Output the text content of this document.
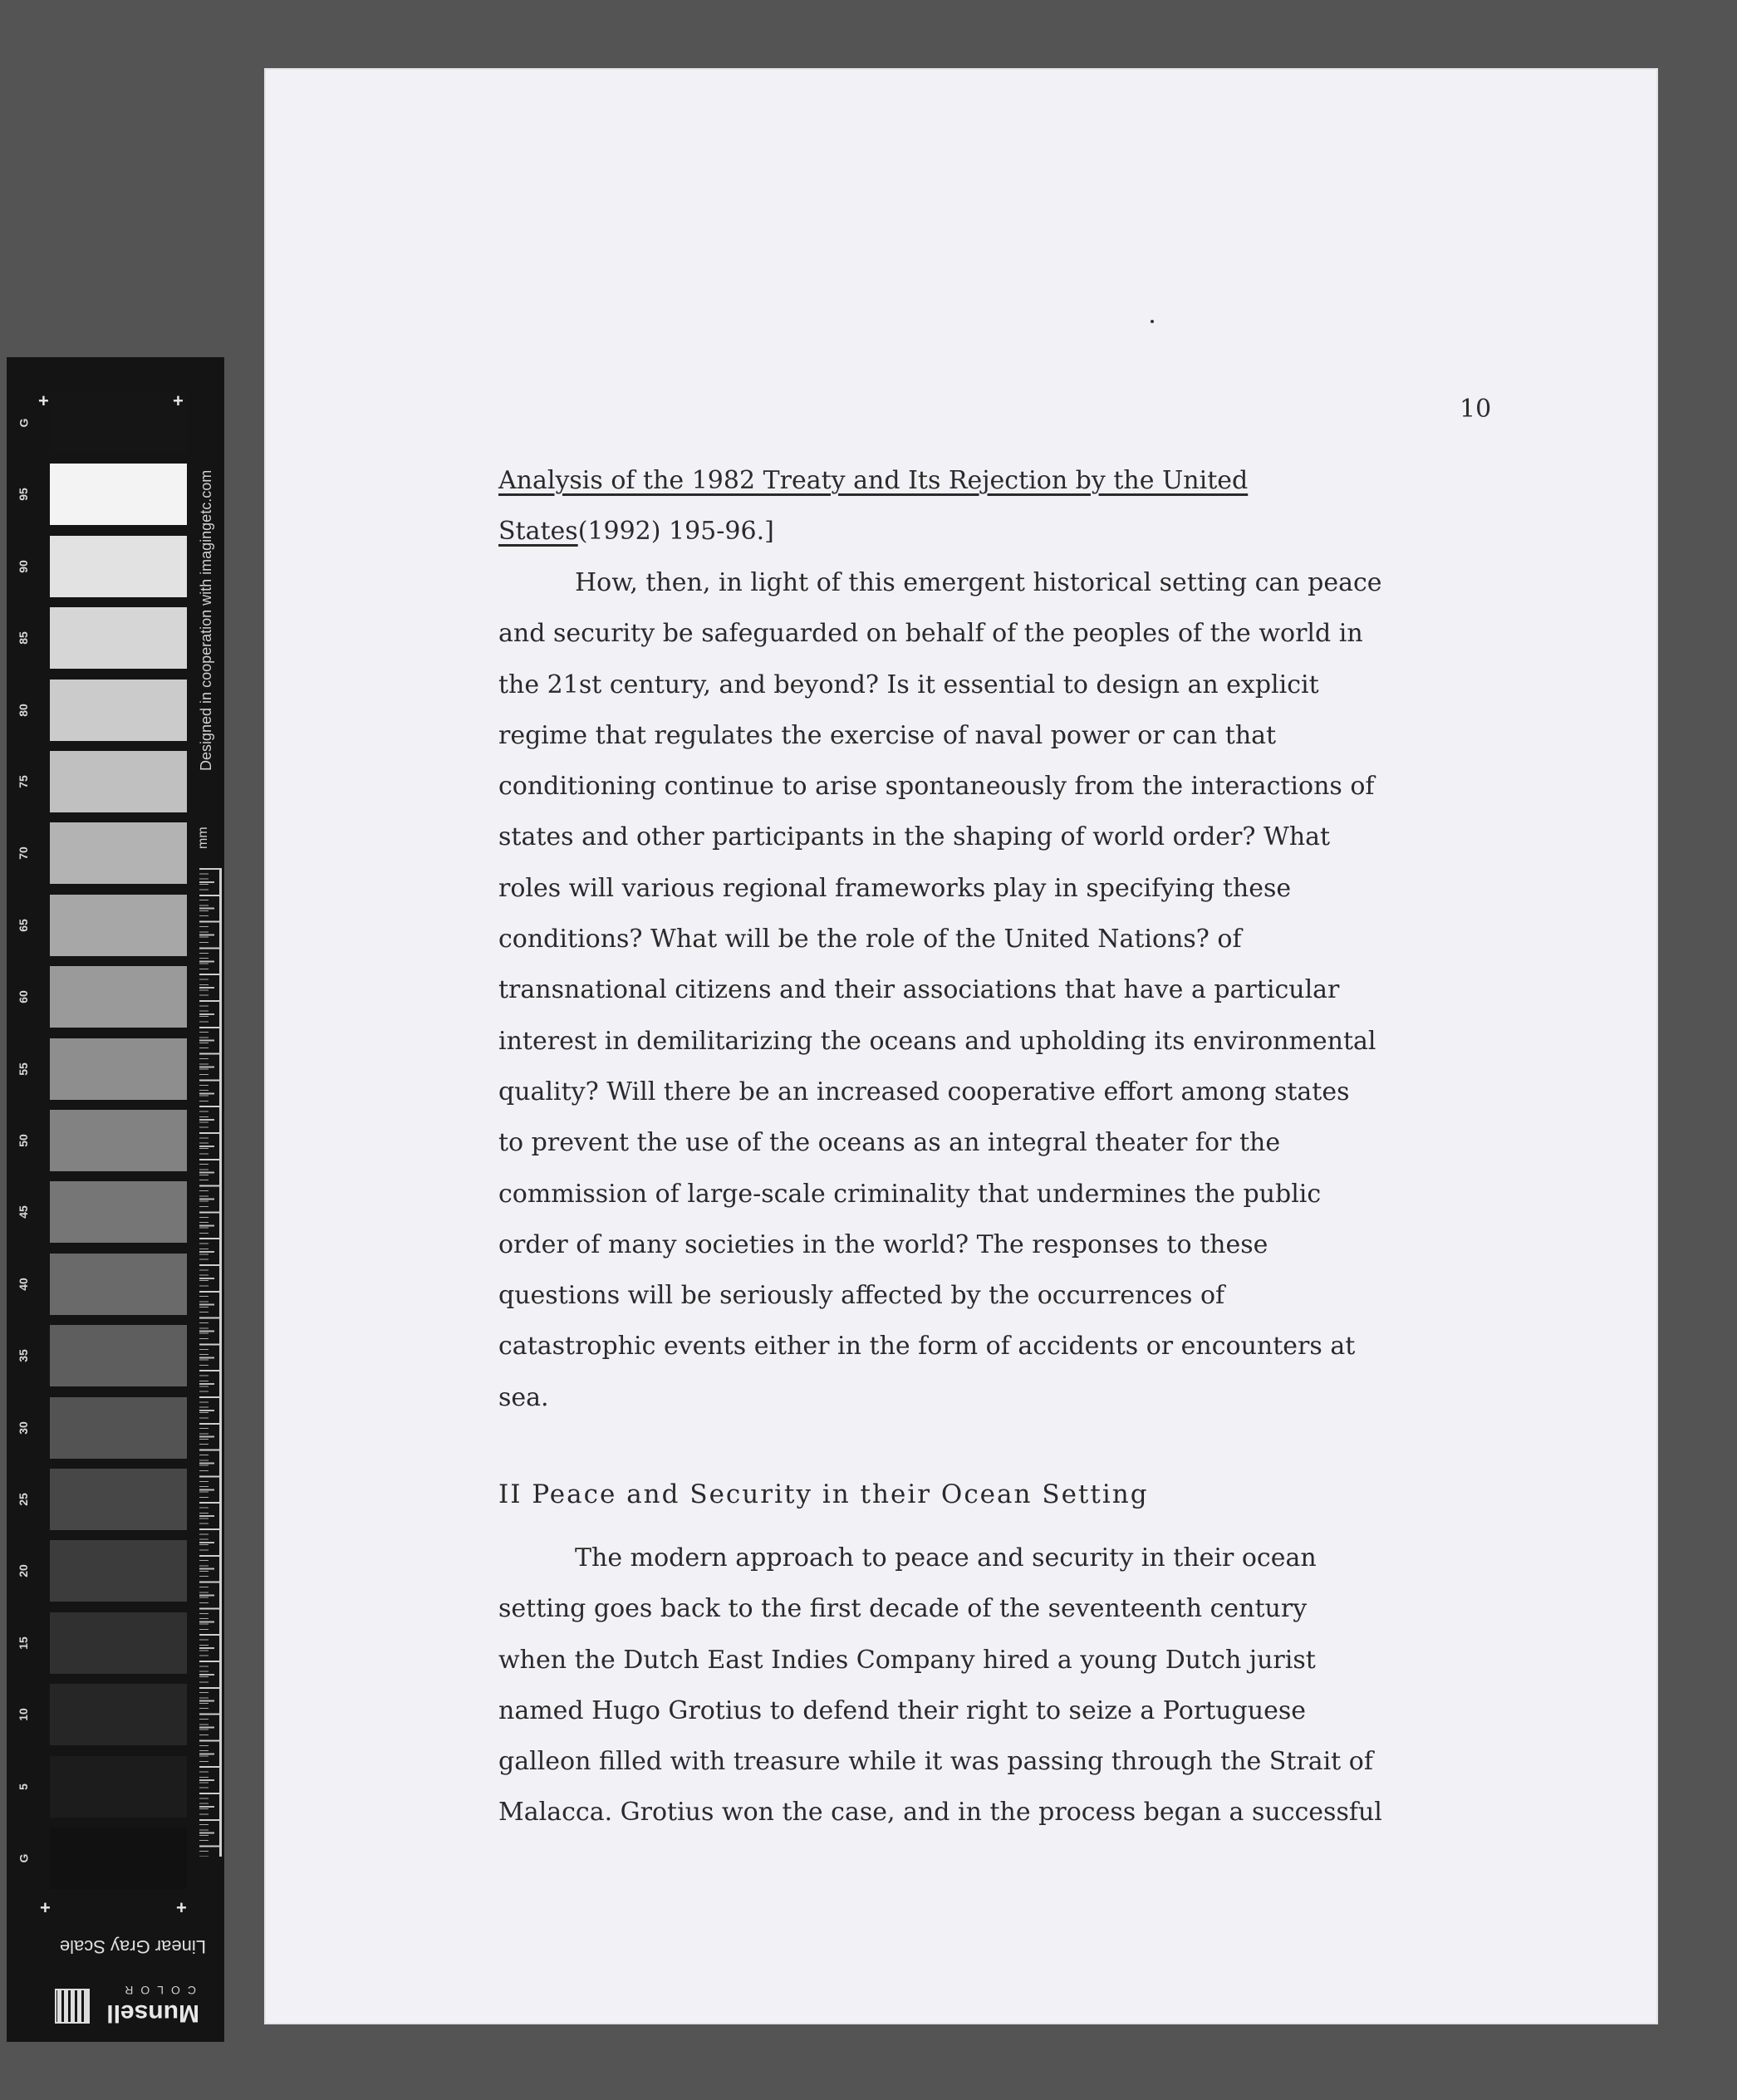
G
95
90
85
80
75
70
65
60
55
50
45
40
35
30
25
20
15
10
5
G
Designed in cooperation with imagingetc.com
mm
Linear Gray Scale
Munsell
COLOR
+	+
+	+
10
Analysis of the 1982 Treaty and Its Rejection by the United
States(1992) 195-96.]
How, then, in light of this emergent historical setting can peace
and security be safeguarded on behalf of the peoples of the world in
the 21st century, and beyond? Is it essential to design an explicit
regime that regulates the exercise of naval power or can that
conditioning continue to arise spontaneously from the interactions of
states and other participants in the shaping of world order? What
roles will various regional frameworks play in specifying these
conditions? What will be the role of the United Nations? of
transnational citizens and their associations that have a particular
interest in demilitarizing the oceans and upholding its environmental
quality? Will there be an increased cooperative effort among states
to prevent the use of the oceans as an integral theater for the
commission of large-scale criminality that undermines the public
order of many societies in the world? The responses to these
questions will be seriously affected by the occurrences of
catastrophic events either in the form of accidents or encounters at
sea.
II Peace and Security in their Ocean Setting
The modern approach to peace and security in their ocean
setting goes back to the first decade of the seventeenth century
when the Dutch East Indies Company hired a young Dutch jurist
named Hugo Grotius to defend their right to seize a Portuguese
galleon filled with treasure while it was passing through the Strait of
Malacca. Grotius won the case, and in the process began a successful
